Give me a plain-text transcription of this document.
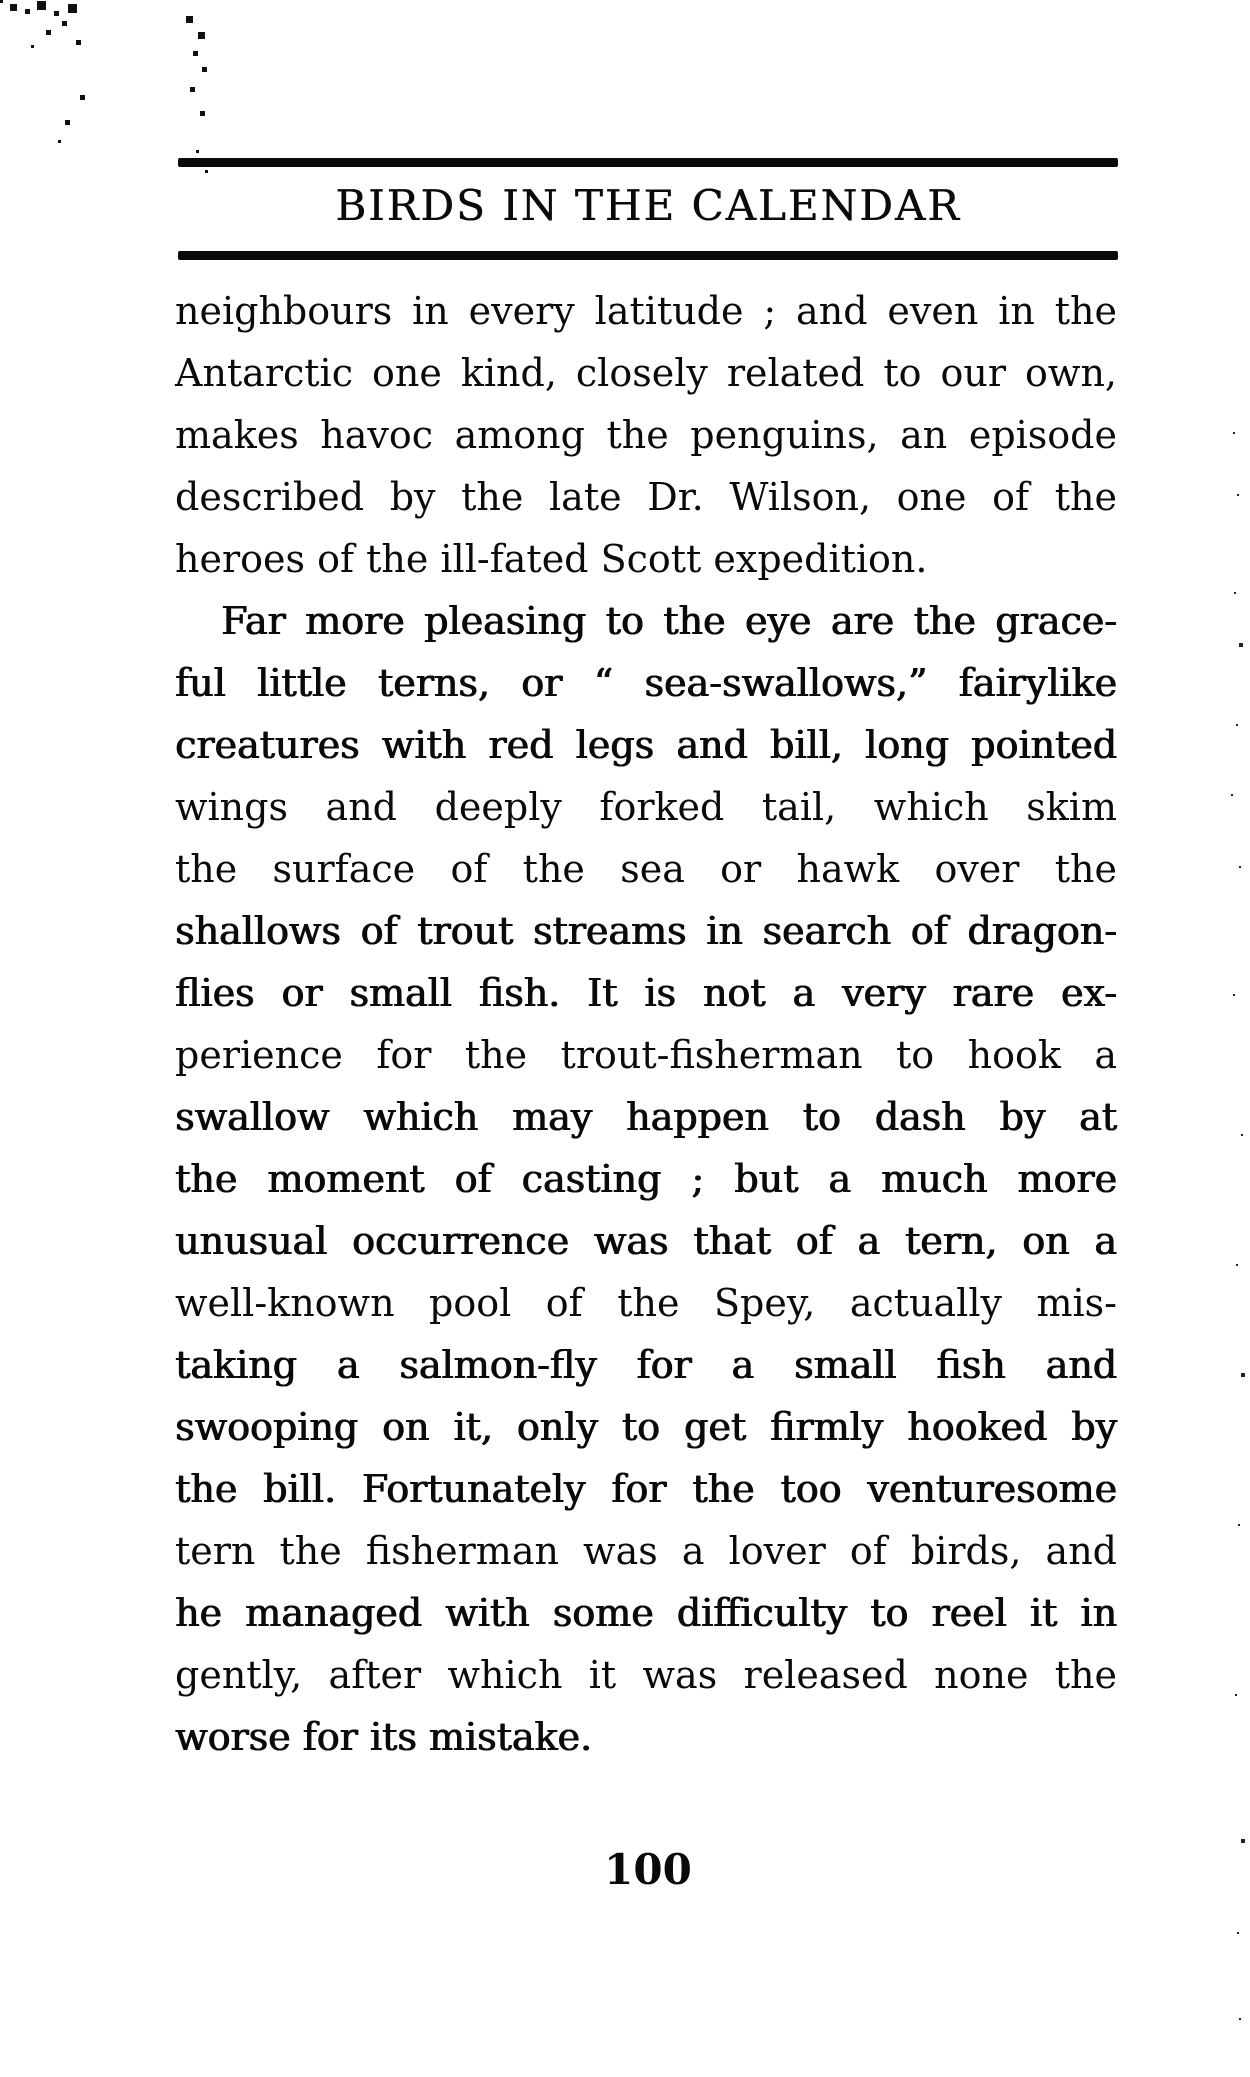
BIRDS IN THE CALENDAR
neighbours in every latitude ; and even in the
Antarctic one kind, closely related to our own,
makes havoc among the penguins, an episode
described by the late Dr. Wilson, one of the
heroes of the ill-fated Scott expedition.
Far more pleasing to the eye are the grace-
ful little terns, or “ sea-swallows,” fairylike
creatures with red legs and bill, long pointed
wings and deeply forked tail, which skim
the surface of the sea or hawk over the
shallows of trout streams in search of dragon-
flies or small fish. It is not a very rare ex-
perience for the trout-fisherman to hook a
swallow which may happen to dash by at
the moment of casting ; but a much more
unusual occurrence was that of a tern, on a
well-known pool of the Spey, actually mis-
taking a salmon-fly for a small fish and
swooping on it, only to get firmly hooked by
the bill. Fortunately for the too venturesome
tern the fisherman was a lover of birds, and
he managed with some difficulty to reel it in
gently, after which it was released none the
worse for its mistake.
100
